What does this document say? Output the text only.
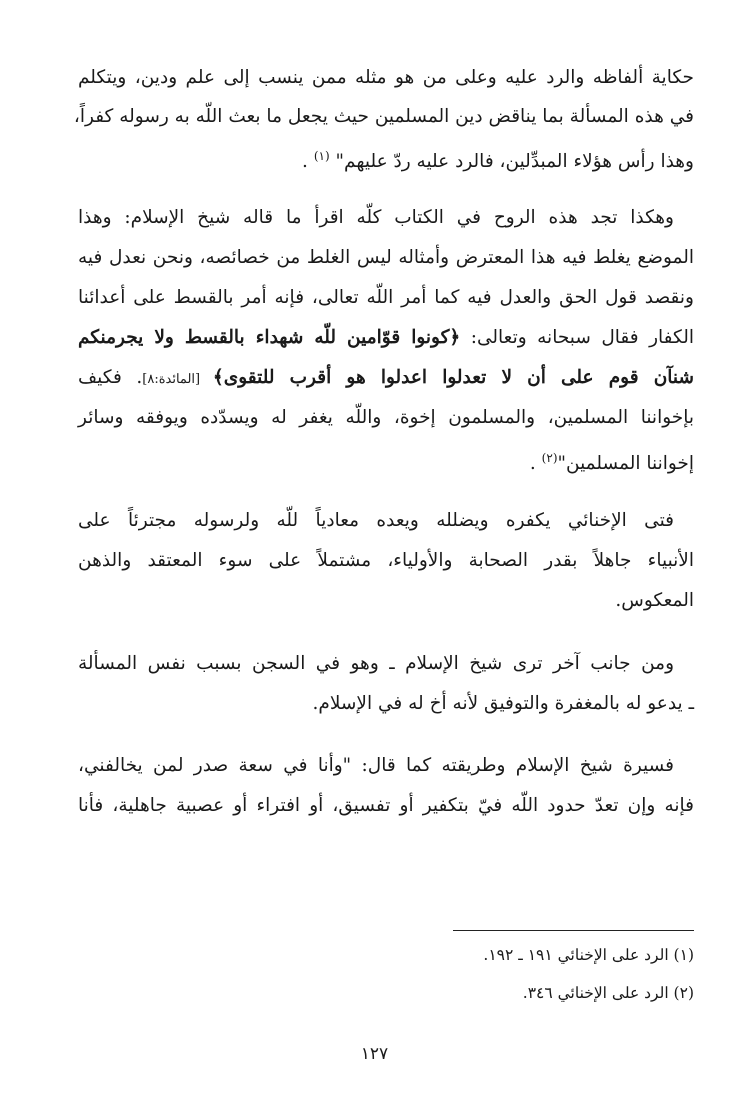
حكاية ألفاظه والرد عليه وعلى من هو مثله ممن ينسب إلى علم ودين، ويتكلم
في هذه المسألة بما يناقض دين المسلمين حيث يجعل ما بعث اللّه به رسوله كفراً،
وهذا رأس هؤلاء المبدِّلين، فالرد عليه ردّ عليهم" $^{(١)}$ .
وهكذا تجد هذه الروح في الكتاب كلّه اقرأ ما قاله شيخ الإسلام: وهذا
الموضع يغلط فيه هذا المعترض وأمثاله ليس الغلط من خصائصه، ونحن نعدل فيه
ونقصد قول الحق والعدل فيه كما أمر اللّه تعالى، فإنه أمر بالقسط على أعدائنا
الكفار فقال سبحانه وتعالى: ﴿كونوا قوّامين للّه شهداء بالقسط ولا يجرمنكم
شنآن قوم على أن لا تعدلوا اعدلوا هو أقرب للتقوى﴾ [المائدة:٨]. فكيف
بإخواننا المسلمين، والمسلمون إخوة، واللّه يغفر له ويسدّده ويوفقه وسائر
إخواننا المسلمين"$^{(٢)}$ .
فتى الإخنائي يكفره ويضلله ويعده معادياً للّه ولرسوله مجترئاً على
الأنبياء جاهلاً بقدر الصحابة والأولياء، مشتملاً على سوء المعتقد والذهن
المعكوس.
ومن جانب آخر ترى شيخ الإسلام ـ وهو في السجن بسبب نفس المسألة
ـ يدعو له بالمغفرة والتوفيق لأنه أخ له في الإسلام.
فسيرة شيخ الإسلام وطريقته كما قال: "وأنا في سعة صدر لمن يخالفني،
فإنه وإن تعدّ حدود اللّه فيّ بتكفير أو تفسيق، أو افتراء أو عصبية جاهلية، فأنا
(١) الرد على الإخنائي ١٩١ ـ ١٩٢.
(٢) الرد على الإخنائي ٣٤٦.
١٢٧
